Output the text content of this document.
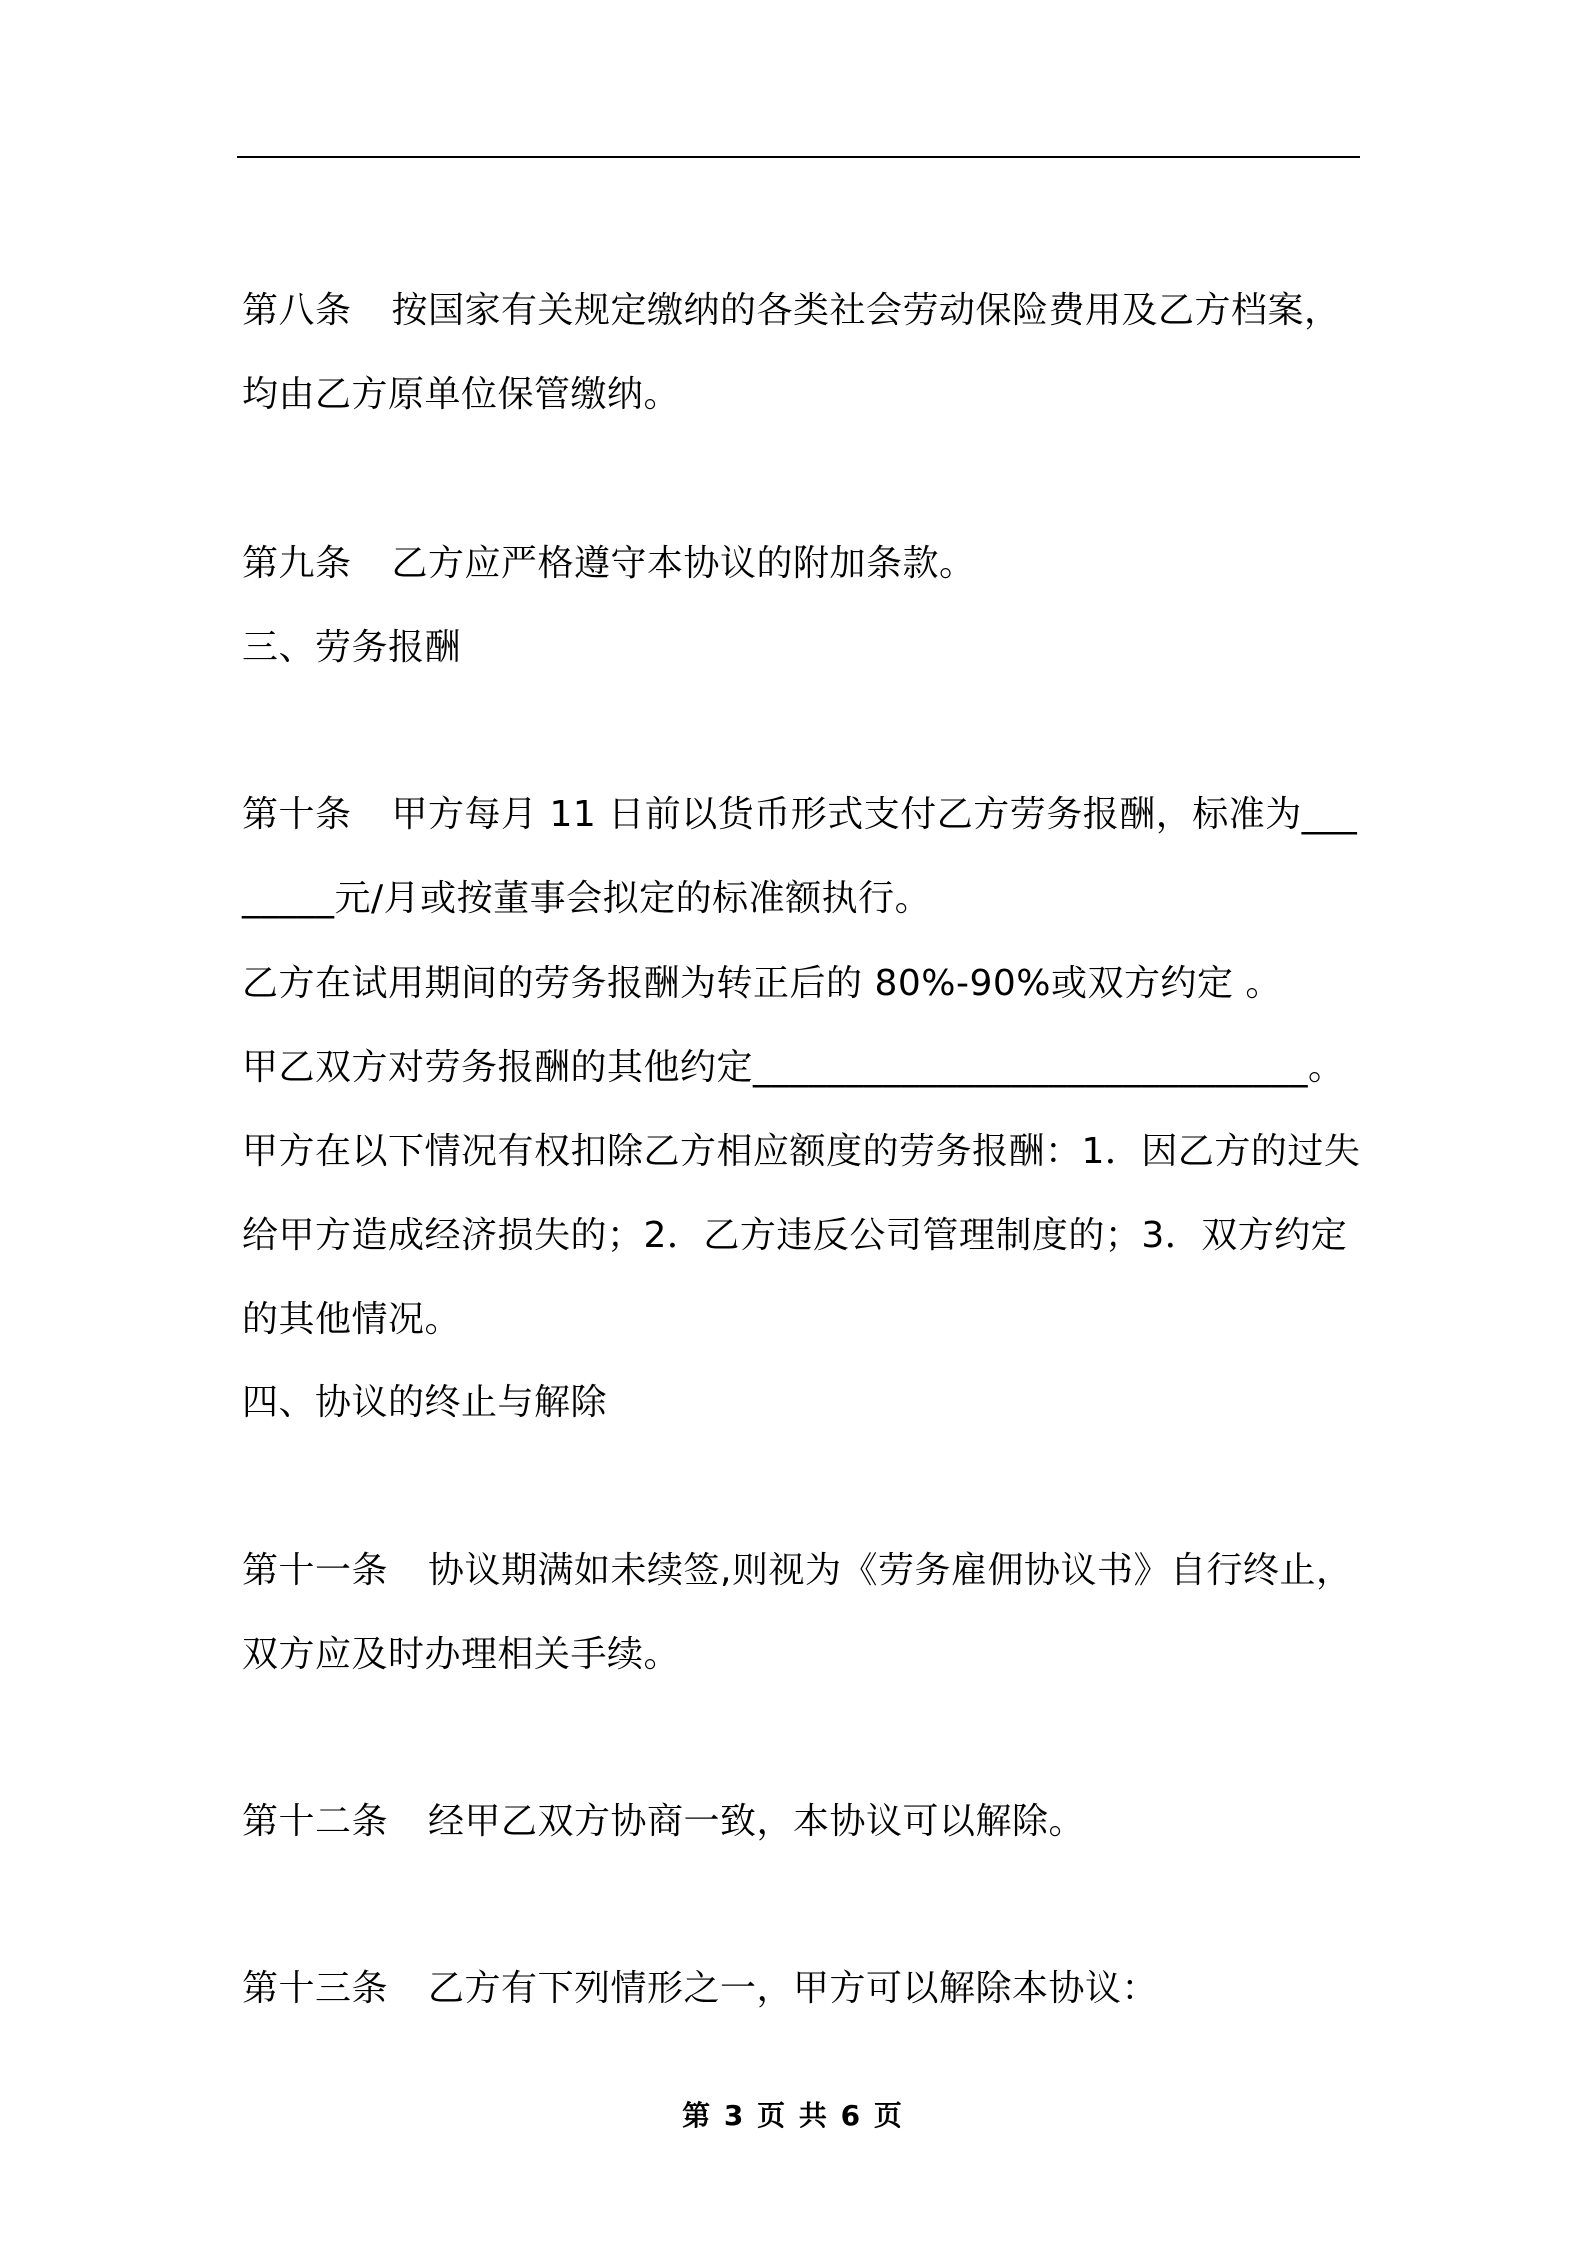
第八条 按国家有关规定缴纳的各类社会劳动保险费用及乙方档案，均由乙方原单位保管缴纳。

第九条 乙方应严格遵守本协议的附加条款。

三、劳务报酬

第十条 甲方每月 11 日前以货币形式支付乙方劳务报酬，标准为________元/月或按董事会拟定的标准额执行。

乙方在试用期间的劳务报酬为转正后的 80%-90%或双方约定 。

甲乙双方对劳务报酬的其他约定______________________________。

甲方在以下情况有权扣除乙方相应额度的劳务报酬：1．因乙方的过失给甲方造成经济损失的；2．乙方违反公司管理制度的；3．双方约定的其他情况。

四、协议的终止与解除

第十一条 协议期满如未续签,则视为《劳务雇佣协议书》自行终止，双方应及时办理相关手续。

第十二条 经甲乙双方协商一致，本协议可以解除。

第十三条 乙方有下列情形之一，甲方可以解除本协议：

第 3 页 共 6 页
